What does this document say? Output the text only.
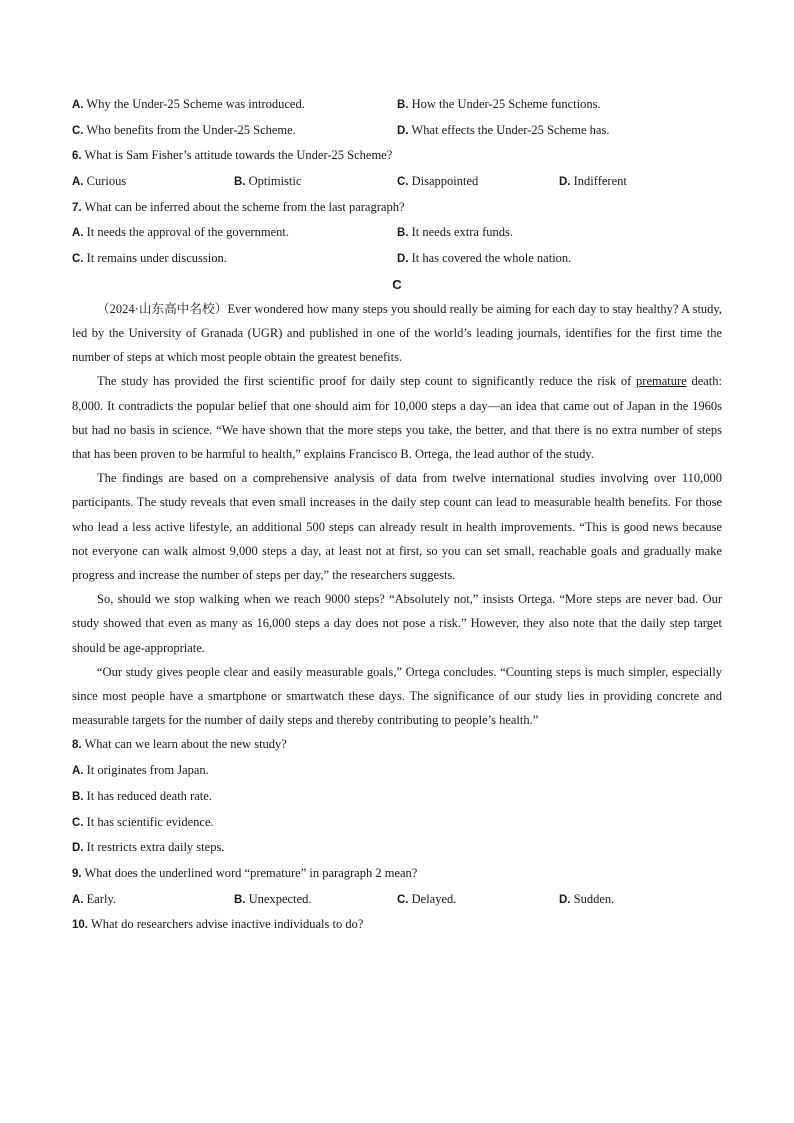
A. Why the Under-25 Scheme was introduced.	B. How the Under-25 Scheme functions.
C. Who benefits from the Under-25 Scheme.	D. What effects the Under-25 Scheme has.
6. What is Sam Fisher’s attitude towards the Under-25 Scheme?
A. Curious	B. Optimistic	C. Disappointed	D. Indifferent
7. What can be inferred about the scheme from the last paragraph?
A. It needs the approval of the government.	B. It needs extra funds.
C. It remains under discussion.	D. It has covered the whole nation.
C

（2024·山东高中名校）Ever wondered how many steps you should really be aiming for each day to stay healthy? A study, led by the University of Granada (UGR) and published in one of the world’s leading journals, identifies for the first time the number of steps at which most people obtain the greatest benefits.

The study has provided the first scientific proof for daily step count to significantly reduce the risk of premature death: 8,000. It contradicts the popular belief that one should aim for 10,000 steps a day—an idea that came out of Japan in the 1960s but had no basis in science. “We have shown that the more steps you take, the better, and that there is no extra number of steps that has been proven to be harmful to health,” explains Francisco B. Ortega, the lead author of the study.

The findings are based on a comprehensive analysis of data from twelve international studies involving over 110,000 participants. The study reveals that even small increases in the daily step count can lead to measurable health benefits. For those who lead a less active lifestyle, an additional 500 steps can already result in health improvements. “This is good news because not everyone can walk almost 9,000 steps a day, at least not at first, so you can set small, reachable goals and gradually make progress and increase the number of steps per day,” the researchers suggests.

So, should we stop walking when we reach 9000 steps? “Absolutely not,” insists Ortega. “More steps are never bad. Our study showed that even as many as 16,000 steps a day does not pose a risk.” However, they also note that the daily step target should be age-appropriate.

“Our study gives people clear and easily measurable goals,” Ortega concludes. “Counting steps is much simpler, especially since most people have a smartphone or smartwatch these days. The significance of our study lies in providing concrete and measurable targets for the number of daily steps and thereby contributing to people’s health.”

8. What can we learn about the new study?
A. It originates from Japan.
B. It has reduced death rate.
C. It has scientific evidence.
D. It restricts extra daily steps.
9. What does the underlined word “premature” in paragraph 2 mean?
A. Early.	B. Unexpected.	C. Delayed.	D. Sudden.
10. What do researchers advise inactive individuals to do?
